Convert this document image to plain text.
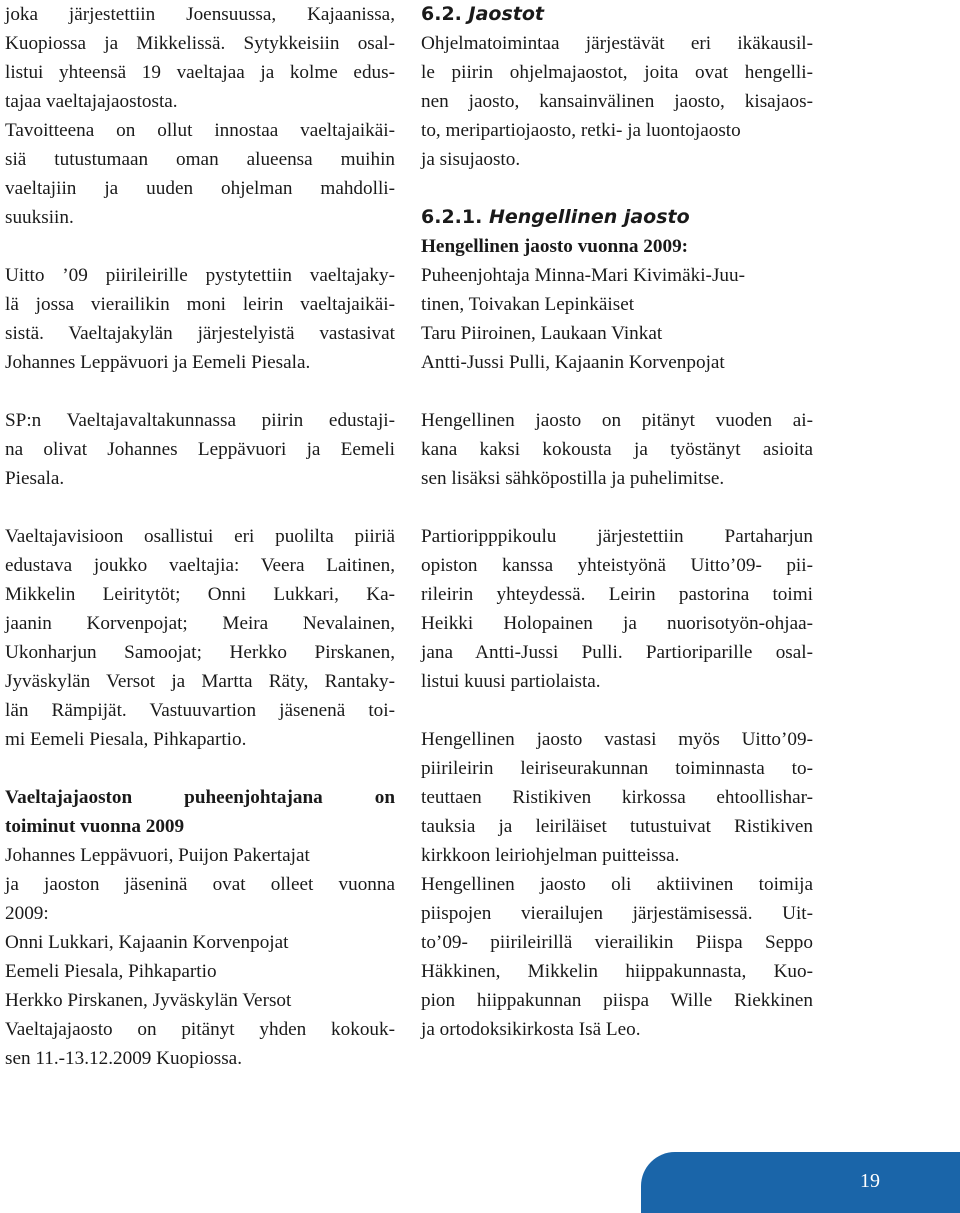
joka järjestettiin Joensuussa, Kajaanissa,
Kuopiossa ja Mikkelissä. Sytykkeisiin osal-
listui yhteensä 19 vaeltajaa ja kolme edus-
tajaa vaeltajajaostosta.
Tavoitteena on ollut innostaa vaeltajaikäi-
siä tutustumaan oman alueensa muihin
vaeltajiin ja uuden ohjelman mahdolli-
suuksiin.
Uitto ’09 piirileirille pystytettiin vaeltajaky-
lä jossa vierailikin moni leirin vaeltajaikäi-
sistä. Vaeltajakylän järjestelyistä vastasivat
Johannes Leppävuori ja Eemeli Piesala.
SP:n Vaeltajavaltakunnassa piirin edustaji-
na olivat Johannes Leppävuori ja Eemeli
Piesala.
Vaeltajavisioon osallistui eri puolilta piiriä
edustava joukko vaeltajia: Veera Laitinen,
Mikkelin Leiritytöt; Onni Lukkari, Ka-
jaanin Korvenpojat; Meira Nevalainen,
Ukonharjun Samoojat; Herkko Pirskanen,
Jyväskylän Versot ja Martta Räty, Rantaky-
län Rämpijät. Vastuuvartion jäsenenä toi-
mi Eemeli Piesala, Pihkapartio.
Vaeltajajaoston puheenjohtajana on
toiminut vuonna 2009
Johannes Leppävuori, Puijon Pakertajat
ja jaoston jäseninä ovat olleet vuonna
2009:
Onni Lukkari, Kajaanin Korvenpojat
Eemeli Piesala, Pihkapartio
Herkko Pirskanen, Jyväskylän Versot
Vaeltajajaosto on pitänyt yhden kokouk-
sen 11.-13.12.2009 Kuopiossa.
6.2. Jaostot
Ohjelmatoimintaa järjestävät eri ikäkausil-
le piirin ohjelmajaostot, joita ovat hengelli-
nen jaosto, kansainvälinen jaosto, kisajaos-
to, meripartiojaosto, retki- ja luontojaosto
ja sisujaosto.
6.2.1. Hengellinen jaosto
Hengellinen jaosto vuonna 2009:
Puheenjohtaja Minna-Mari Kivimäki-Juu-
tinen, Toivakan Lepinkäiset
Taru Piiroinen, Laukaan Vinkat
Antti-Jussi Pulli, Kajaanin Korvenpojat
Hengellinen jaosto on pitänyt vuoden ai-
kana kaksi kokousta ja työstänyt asioita
sen lisäksi sähköpostilla ja puhelimitse.
Partioripppikoulu järjestettiin Partaharjun
opiston kanssa yhteistyönä Uitto’09- pii-
rileirin yhteydessä. Leirin pastorina toimi
Heikki Holopainen ja nuorisotyön-ohjaa-
jana Antti-Jussi Pulli. Partioriparille osal-
listui kuusi partiolaista.
Hengellinen jaosto vastasi myös Uitto’09-
piirileirin leiriseurakunnan toiminnasta to-
teuttaen Ristikiven kirkossa ehtoollishar-
tauksia ja leiriläiset tutustuivat Ristikiven
kirkkoon leiriohjelman puitteissa.
Hengellinen jaosto oli aktiivinen toimija
piispojen vierailujen järjestämisessä. Uit-
to’09- piirileirillä vierailikin Piispa Seppo
Häkkinen, Mikkelin hiippakunnasta, Kuo-
pion hiippakunnan piispa Wille Riekkinen
ja ortodoksikirkosta Isä Leo.
19
